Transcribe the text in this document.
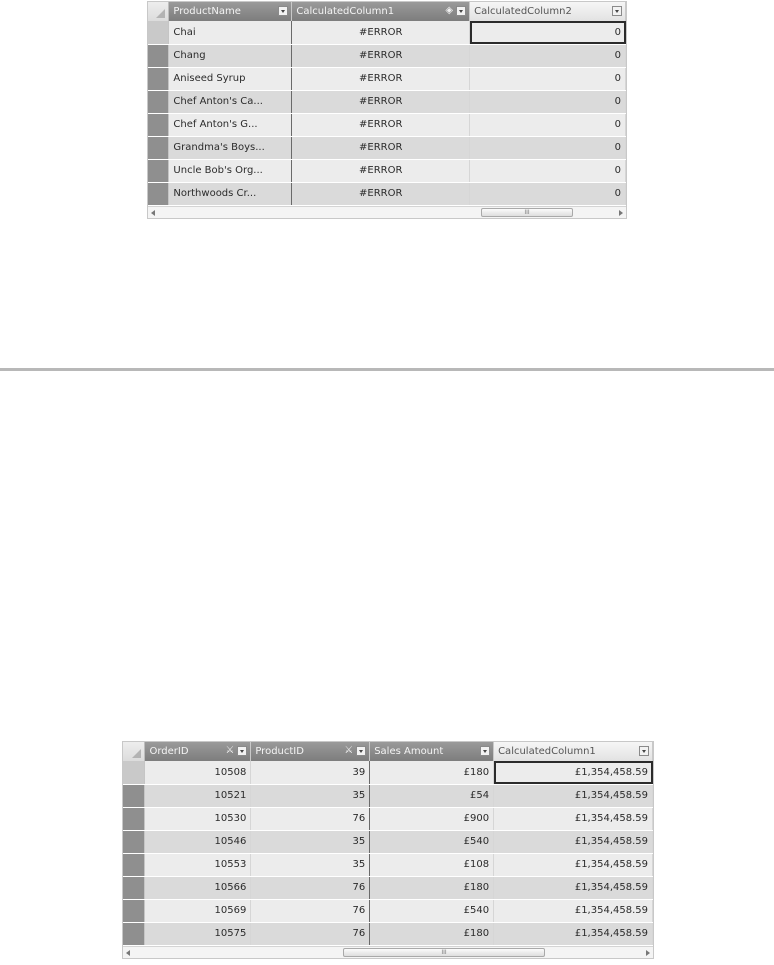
	ProductName	CalculatedColumn1 ◈	CalculatedColumn2

	Chai	#ERROR	0
	Chang	#ERROR	0
	Aniseed Syrup	#ERROR	0
	Chef Anton's Ca...	#ERROR	0
	Chef Anton's G...	#ERROR	0
	Grandma's Boys...	#ERROR	0
	Uncle Bob's Org...	#ERROR	0
	Northwoods Cr...	#ERROR	0
III
	OrderID ⚔	ProductID ⚔	Sales Amount	CalculatedColumn1

	10508	39	£180	£1,354,458.59
	10521	35	£54	£1,354,458.59
	10530	76	£900	£1,354,458.59
	10546	35	£540	£1,354,458.59
	10553	35	£108	£1,354,458.59
	10566	76	£180	£1,354,458.59
	10569	76	£540	£1,354,458.59
	10575	76	£180	£1,354,458.59
III
